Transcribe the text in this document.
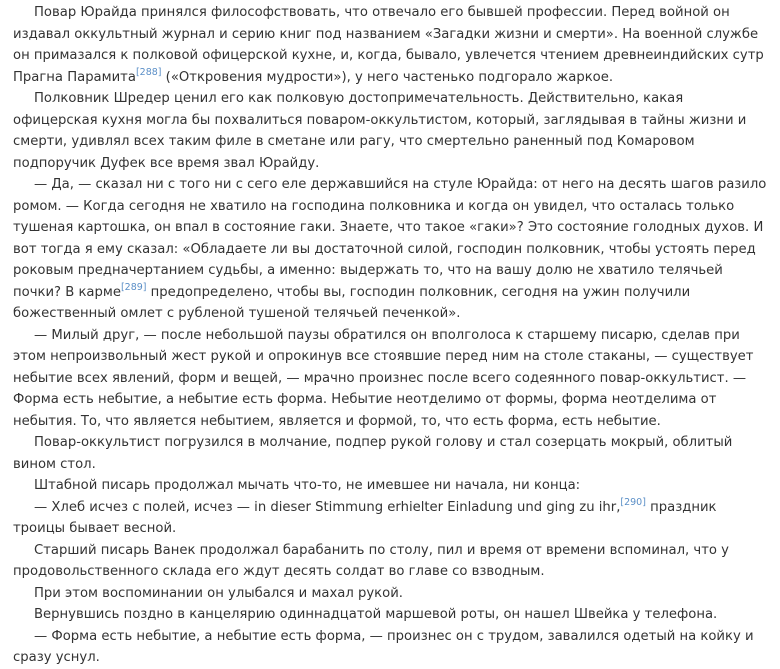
Повар Юрайда принялся философствовать, что отвечало его бывшей профессии. Перед войной он издавал оккультный журнал и серию книг под названием «Загадки жизни и смерти». На военной службе он примазался к полковой офицерской кухне, и, когда, бывало, увлечется чтением древнеиндийских сутр Прагна Парамита[288] («Откровения мудрости»), у него частенько подгорало жаркое.

Полковник Шредер ценил его как полковую достопримечательность. Действительно, какая офицерская кухня могла бы похвалиться поваром-оккультистом, который, заглядывая в тайны жизни и смерти, удивлял всех таким филе в сметане или рагу, что смертельно раненный под Комаровом подпоручик Дуфек все время звал Юрайду.

— Да, — сказал ни с того ни с сего еле державшийся на стуле Юрайда: от него на десять шагов разило ромом. — Когда сегодня не хватило на господина полковника и когда он увидел, что осталась только тушеная картошка, он впал в состояние гаки. Знаете, что такое «гаки»? Это состояние голодных духов. И вот тогда я ему сказал: «Обладаете ли вы достаточной силой, господин полковник, чтобы устоять перед роковым предначертанием судьбы, а именно: выдержать то, что на вашу долю не хватило телячьей почки? В карме[289] предопределено, чтобы вы, господин полковник, сегодня на ужин получили божественный омлет с рубленой тушеной телячьей печенкой».

— Милый друг, — после небольшой паузы обратился он вполголоса к старшему писарю, сделав при этом непроизвольный жест рукой и опрокинув все стоявшие перед ним на столе стаканы, — существует небытие всех явлений, форм и вещей, — мрачно произнес после всего содеянного повар-оккультист. — Форма есть небытие, а небытие есть форма. Небытие неотделимо от формы, форма неотделима от небытия. То, что является небытием, является и формой, то, что есть форма, есть небытие.

Повар-оккультист погрузился в молчание, подпер рукой голову и стал созерцать мокрый, облитый вином стол.

Штабной писарь продолжал мычать что-то, не имевшее ни начала, ни конца:

— Хлеб исчез с полей, исчез — in dieser Stimmung erhielter Einladung und ging zu ihr,[290] праздник троицы бывает весной.

Старший писарь Ванек продолжал барабанить по столу, пил и время от времени вспоминал, что у продовольственного склада его ждут десять солдат во главе со взводным.

При этом воспоминании он улыбался и махал рукой.

Вернувшись поздно в канцелярию одиннадцатой маршевой роты, он нашел Швейка у телефона.

— Форма есть небытие, а небытие есть форма, — произнес он с трудом, завалился одетый на койку и сразу уснул.
